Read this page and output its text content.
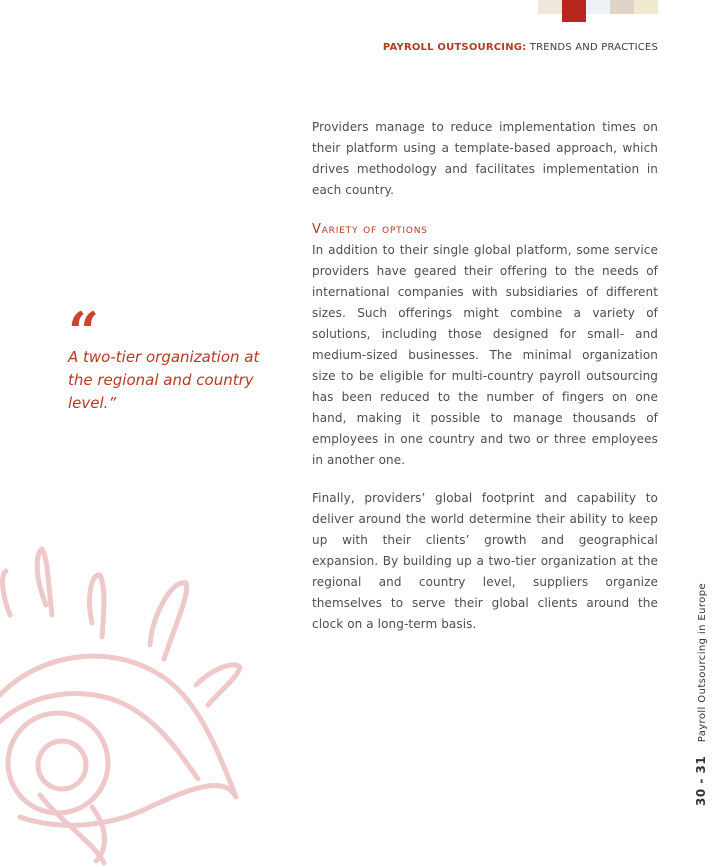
PAYROLL OUTSOURCING: TRENDS AND PRACTICES

Providers manage to reduce implementation times on their platform using a template-based approach, which drives methodology and facilitates implementation in each country.

Variety of options

In addition to their single global platform, some service providers have geared their offering to the needs of international companies with subsidiaries of different sizes. Such offerings might combine a variety of solutions, including those designed for small- and medium-sized businesses. The minimal organization size to be eligible for multi-country payroll outsourcing has been reduced to the number of fingers on one hand, making it possible to manage thousands of employees in one country and two or three employees in another one.

Finally, providers’ global footprint and capability to deliver around the world determine their ability to keep up with their clients’ growth and geographical expansion. By building up a two-tier organization at the regional and country level, suppliers organize themselves to serve their global clients around the clock on a long-term basis.

“

A two-tier organization at the regional and country level.”

30 - 31 Payroll Outsourcing in Europe
